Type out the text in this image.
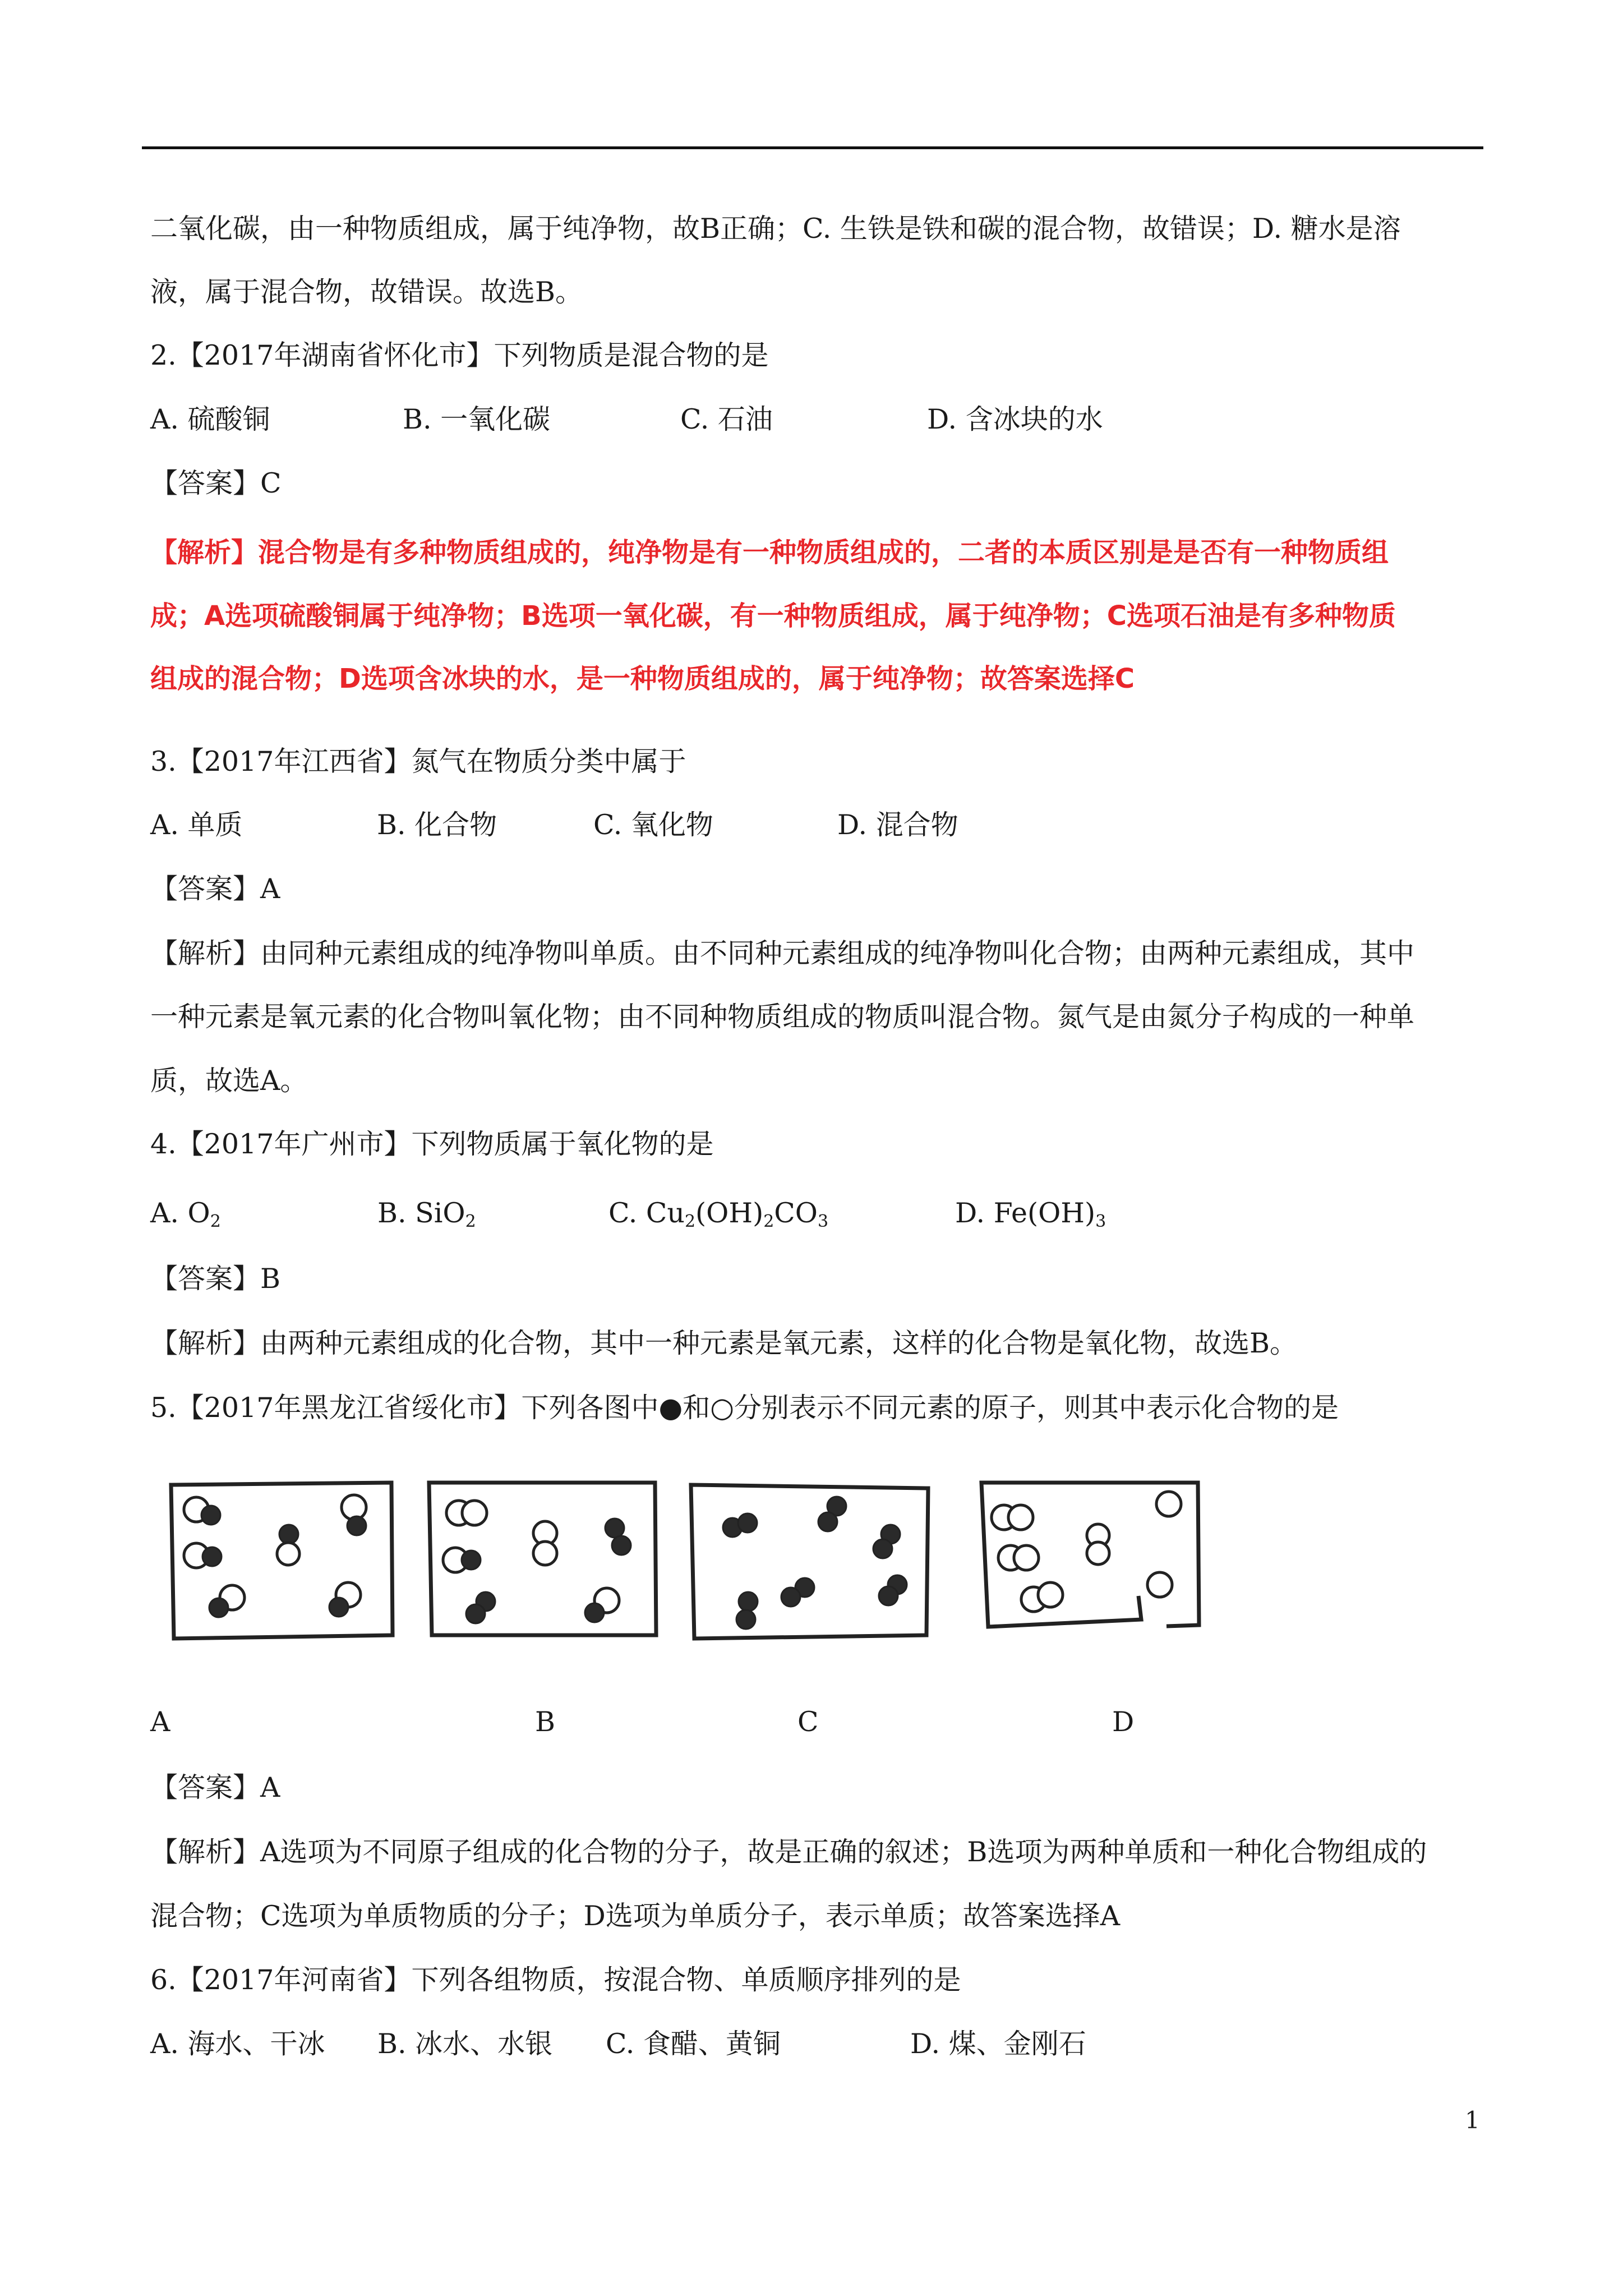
二氧化碳，由一种物质组成，属于纯净物，故B正确；C. 生铁是铁和碳的混合物，故错误；D. 糖水是溶
液，属于混合物，故错误。故选B。
2.【2017年湖南省怀化市】下列物质是混合物的是
A. 硫酸铜	B. 一氧化碳	C. 石油	D. 含冰块的水
【答案】C
【解析】混合物是有多种物质组成的，纯净物是有一种物质组成的，二者的本质区别是是否有一种物质组
成；A选项硫酸铜属于纯净物；B选项一氧化碳，有一种物质组成，属于纯净物；C选项石油是有多种物质
组成的混合物；D选项含冰块的水，是一种物质组成的，属于纯净物；故答案选择C
3.【2017年江西省】氮气在物质分类中属于
A. 单质	B. 化合物	C. 氧化物	D. 混合物
【答案】A
【解析】由同种元素组成的纯净物叫单质。由不同种元素组成的纯净物叫化合物；由两种元素组成，其中
一种元素是氧元素的化合物叫氧化物；由不同种物质组成的物质叫混合物。氮气是由氮分子构成的一种单
质，故选A。
4.【2017年广州市】下列物质属于氧化物的是
A. $O_2$	B. SiO$_2$	C. $Cu_2(OH)_2CO_3$	D. $Fe(OH)_3$
【答案】B
【解析】由两种元素组成的化合物，其中一种元素是氧元素，这样的化合物是氧化物，故选B。
5.【2017年黑龙江省绥化市】下列各图中●和○分别表示不同元素的原子，则其中表示化合物的是
A	B	C	D
【答案】A
【解析】A选项为不同原子组成的化合物的分子，故是正确的叙述；B选项为两种单质和一种化合物组成的
混合物；C选项为单质物质的分子；D选项为单质分子，表示单质；故答案选择A
6.【2017年河南省】下列各组物质，按混合物、单质顺序排列的是
A. 海水、干冰 B. 冰水、水银 C. 食醋、黄铜	D. 煤、金刚石
1
